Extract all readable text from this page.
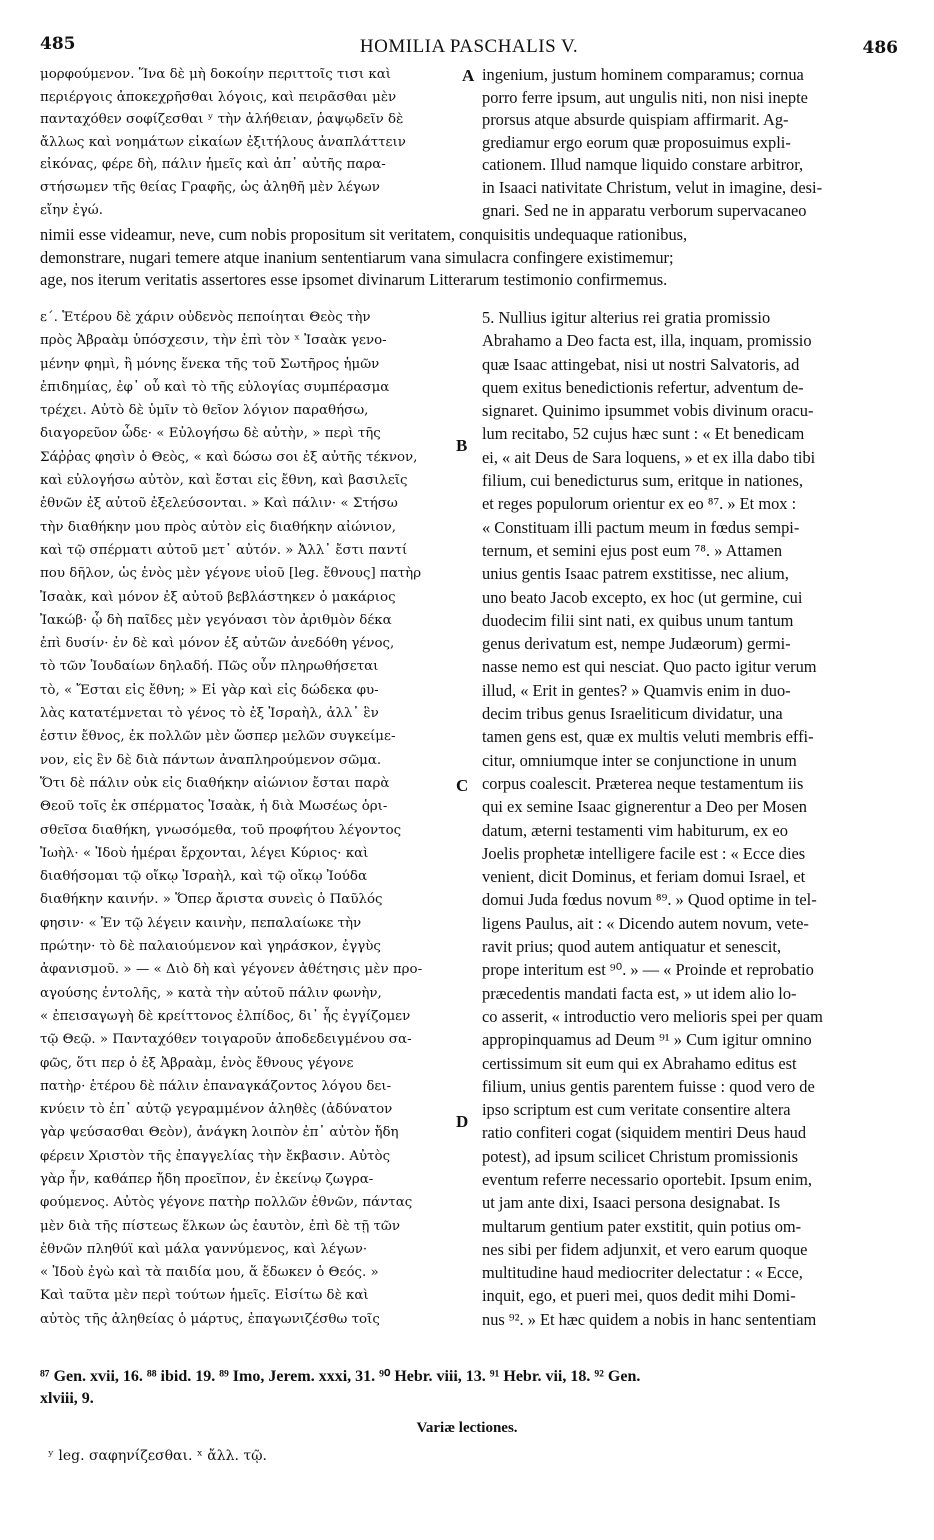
485	HOMILIA PASCHALIS V.	486
μορφούμενον. Ἵνα δὲ μὴ δοκοίην περιττοῖς τισι καὶ
περιέργοις ἀποκεχρῆσθαι λόγοις, καὶ πειρᾶσθαι μὲν
πανταχόθεν σοφίζεσθαι ʸ τὴν ἀλήθειαν, ῥαψῳδεῖν δὲ
ἄλλως καὶ νοημάτων εἰκαίων ἐξιτήλους ἀναπλάττειν
εἰκόνας, φέρε δὴ, πάλιν ἡμεῖς καὶ ἀπ᾽ αὐτῆς παρα-
στήσωμεν τῆς θείας Γραφῆς, ὡς ἀληθῆ μὲν λέγων
εἴην ἐγώ.
A ingenium, justum hominem comparamus; cornua
porro ferre ipsum, aut ungulis niti, non nisi inepte
prorsus atque absurde quispiam affirmarit. Ag-
grediamur ergo eorum quæ proposuimus expli-
cationem. Illud namque liquido constare arbitror,
in Isaaci nativitate Christum, velut in imagine, desi-
gnari. Sed ne in apparatu verborum supervacaneo
nimii esse videamur, neve, cum nobis propositum sit veritatem, conquisitis undequaque rationibus,
demonstrare, nugari temere atque inanium sententiarum vana simulacra confingere existimemur;
age, nos iterum veritatis assertores esse ipsomet divinarum Litterarum testimonio confirmemus.
ε´. Ἑτέρου δὲ χάριν οὐδενὸς πεποίηται Θεὸς τὴν
πρὸς Ἀβραὰμ ὑπόσχεσιν, τὴν ἐπὶ τὸν ˣ Ἰσαὰκ γενο-
μένην φημὶ, ἢ μόνης ἕνεκα τῆς τοῦ Σωτῆρος ἡμῶν
ἐπιδημίας, ἐφ᾽ οὗ καὶ τὸ τῆς εὐλογίας συμπέρασμα
τρέχει. Αὐτὸ δὲ ὑμῖν τὸ θεῖον λόγιον παραθήσω,
διαγορεῦον ὧδε· « Εὐλογήσω δὲ αὐτὴν, » περὶ τῆς
Σάῤῥας φησὶν ὁ Θεὸς, « καὶ δώσω σοι ἐξ αὐτῆς τέκνον,
καὶ εὐλογήσω αὐτὸν, καὶ ἔσται εἰς ἔθνη, καὶ βασιλεῖς
ἐθνῶν ἐξ αὐτοῦ ἐξελεύσονται. » Καὶ πάλιν· « Στήσω
τὴν διαθήκην μου πρὸς αὐτὸν εἰς διαθήκην αἰώνιον,
καὶ τῷ σπέρματι αὐτοῦ μετ᾽ αὐτόν. » Ἀλλ᾽ ἔστι παντί
που δῆλον, ὡς ἑνὸς μὲν γέγονε υἱοῦ [leg. ἔθνους] πατὴρ
Ἰσαὰκ, καὶ μόνον ἐξ αὐτοῦ βεβλάστηκεν ὁ μακάριος
Ἰακώβ· ᾧ δὴ παῖδες μὲν γεγόνασι τὸν ἀριθμὸν δέκα
ἐπὶ δυσίν· ἐν δὲ καὶ μόνον ἐξ αὐτῶν ἀνεδόθη γένος,
τὸ τῶν Ἰουδαίων δηλαδή. Πῶς οὖν πληρωθήσεται
τὸ, « Ἔσται εἰς ἔθνη; » Εἰ γὰρ καὶ εἰς δώδεκα φυ-
λὰς κατατέμνεται τὸ γένος τὸ ἐξ Ἰσραὴλ, ἀλλ᾽ ἓν
ἐστιν ἔθνος, ἐκ πολλῶν μὲν ὥσπερ μελῶν συγκείμε-
νον, εἰς ἓν δὲ διὰ πάντων ἀναπληρούμενον σῶμα.
Ὅτι δὲ πάλιν οὐκ εἰς διαθήκην αἰώνιον ἔσται παρὰ
Θεοῦ τοῖς ἐκ σπέρματος Ἰσαὰκ, ἡ διὰ Μωσέως ὁρι-
σθεῖσα διαθήκη, γνωσόμεθα, τοῦ προφήτου λέγοντος
Ἰωὴλ· « Ἰδοὺ ἡμέραι ἔρχονται, λέγει Κύριος· καὶ
διαθήσομαι τῷ οἴκῳ Ἰσραὴλ, καὶ τῷ οἴκῳ Ἰούδα
διαθήκην καινήν. » Ὅπερ ἄριστα συνεὶς ὁ Παῦλός
φησιν· « Ἐν τῷ λέγειν καινὴν, πεπαλαίωκε τὴν
πρώτην· τὸ δὲ παλαιούμενον καὶ γηράσκον, ἐγγὺς
ἀφανισμοῦ. » — « Διὸ δὴ καὶ γέγονεν ἀθέτησις μὲν προ-
αγούσης ἐντολῆς, » κατὰ τὴν αὐτοῦ πάλιν φωνὴν,
« ἐπεισαγωγὴ δὲ κρείττονος ἐλπίδος, δι᾽ ἧς ἐγγίζομεν
τῷ Θεῷ. » Πανταχόθεν τοιγαροῦν ἀποδεδειγμένου σα-
φῶς, ὅτι περ ὁ ἐξ Ἀβραὰμ, ἑνὸς ἔθνους γέγονε
πατὴρ· ἑτέρου δὲ πάλιν ἐπαναγκάζοντος λόγου δει-
κνύειν τὸ ἐπ᾽ αὐτῷ γεγραμμένον ἀληθὲς (ἀδύνατον
γὰρ ψεύσασθαι Θεὸν), ἀνάγκη λοιπὸν ἐπ᾽ αὐτὸν ἤδη
φέρειν Χριστὸν τῆς ἐπαγγελίας τὴν ἔκβασιν. Αὐτὸς
γὰρ ἦν, καθάπερ ἤδη προεῖπον, ἐν ἐκείνῳ ζωγρα-
φούμενος. Αὐτὸς γέγονε πατὴρ πολλῶν ἐθνῶν, πάντας
μὲν διὰ τῆς πίστεως ἕλκων ὡς ἑαυτὸν, ἐπὶ δὲ τῇ τῶν
ἐθνῶν πληθύϊ καὶ μάλα γαννύμενος, καὶ λέγων·
« Ἰδοὺ ἐγὼ καὶ τὰ παιδία μου, ἅ ἔδωκεν ὁ Θεός. »
Καὶ ταῦτα μὲν περὶ τούτων ἡμεῖς. Εἰσίτω δὲ καὶ
αὐτὸς τῆς ἀληθείας ὁ μάρτυς, ἐπαγωνιζέσθω τοῖς
B
C
D
5. Nullius igitur alterius rei gratia promissio
Abrahamo a Deo facta est, illa, inquam, promissio
quæ Isaac attingebat, nisi ut nostri Salvatoris, ad
quem exitus benedictionis refertur, adventum de-
signaret. Quinimo ipsummet vobis divinum oracu-
lum recitabo, 52 cujus hæc sunt : « Et benedicam
ei, « ait Deus de Sara loquens, » et ex illa dabo tibi
filium, cui benedicturus sum, eritque in nationes,
et reges populorum orientur ex eo ⁸⁷. » Et mox :
« Constituam illi pactum meum in fœdus sempi-
ternum, et semini ejus post eum ⁷⁸. » Attamen
unius gentis Isaac patrem exstitisse, nec alium,
uno beato Jacob excepto, ex hoc (ut germine, cui
duodecim filii sint nati, ex quibus unum tantum
genus derivatum est, nempe Judæorum) germi-
nasse nemo est qui nesciat. Quo pacto igitur verum
illud, « Erit in gentes? » Quamvis enim in duo-
decim tribus genus Israeliticum dividatur, una
tamen gens est, quæ ex multis veluti membris effi-
citur, omniumque inter se conjunctione in unum
corpus coalescit. Præterea neque testamentum iis
qui ex semine Isaac gignerentur a Deo per Mosen
datum, æterni testamenti vim habiturum, ex eo
Joelis prophetæ intelligere facile est : « Ecce dies
venient, dicit Dominus, et feriam domui Israel, et
domui Juda fœdus novum ⁸⁹. » Quod optime in tel-
ligens Paulus, ait : « Dicendo autem novum, vete-
ravit prius; quod autem antiquatur et senescit,
prope interitum est ⁹⁰. » — « Proinde et reprobatio
præcedentis mandati facta est, » ut idem alio lo-
co asserit, « introductio vero melioris spei per quam
appropinquamus ad Deum ⁹¹ » Cum igitur omnino
certissimum sit eum qui ex Abrahamo editus est
filium, unius gentis parentem fuisse : quod vero de
ipso scriptum est cum veritate consentire altera
ratio confiteri cogat (siquidem mentiri Deus haud
potest), ad ipsum scilicet Christum promissionis
eventum referre necessario oportebit. Ipsum enim,
ut jam ante dixi, Isaaci persona designabat. Is
multarum gentium pater exstitit, quin potius om-
nes sibi per fidem adjunxit, et vero earum quoque
multitudine haud mediocriter delectatur : « Ecce,
inquit, ego, et pueri mei, quos dedit mihi Domi-
nus ⁹². » Et hæc quidem a nobis in hanc sententiam
⁸⁷ Gen. xvii, 16. ⁸⁸ ibid. 19. ⁸⁹ Imo, Jerem. xxxi, 31. ⁹⁰ Hebr. viii, 13. ⁹¹ Hebr. vii, 18. ⁹² Gen.
xlviii, 9.
Variæ lectiones.
ʸ leg. σαφηνίζεσθαι. ˣ ἄλλ. τῷ.
